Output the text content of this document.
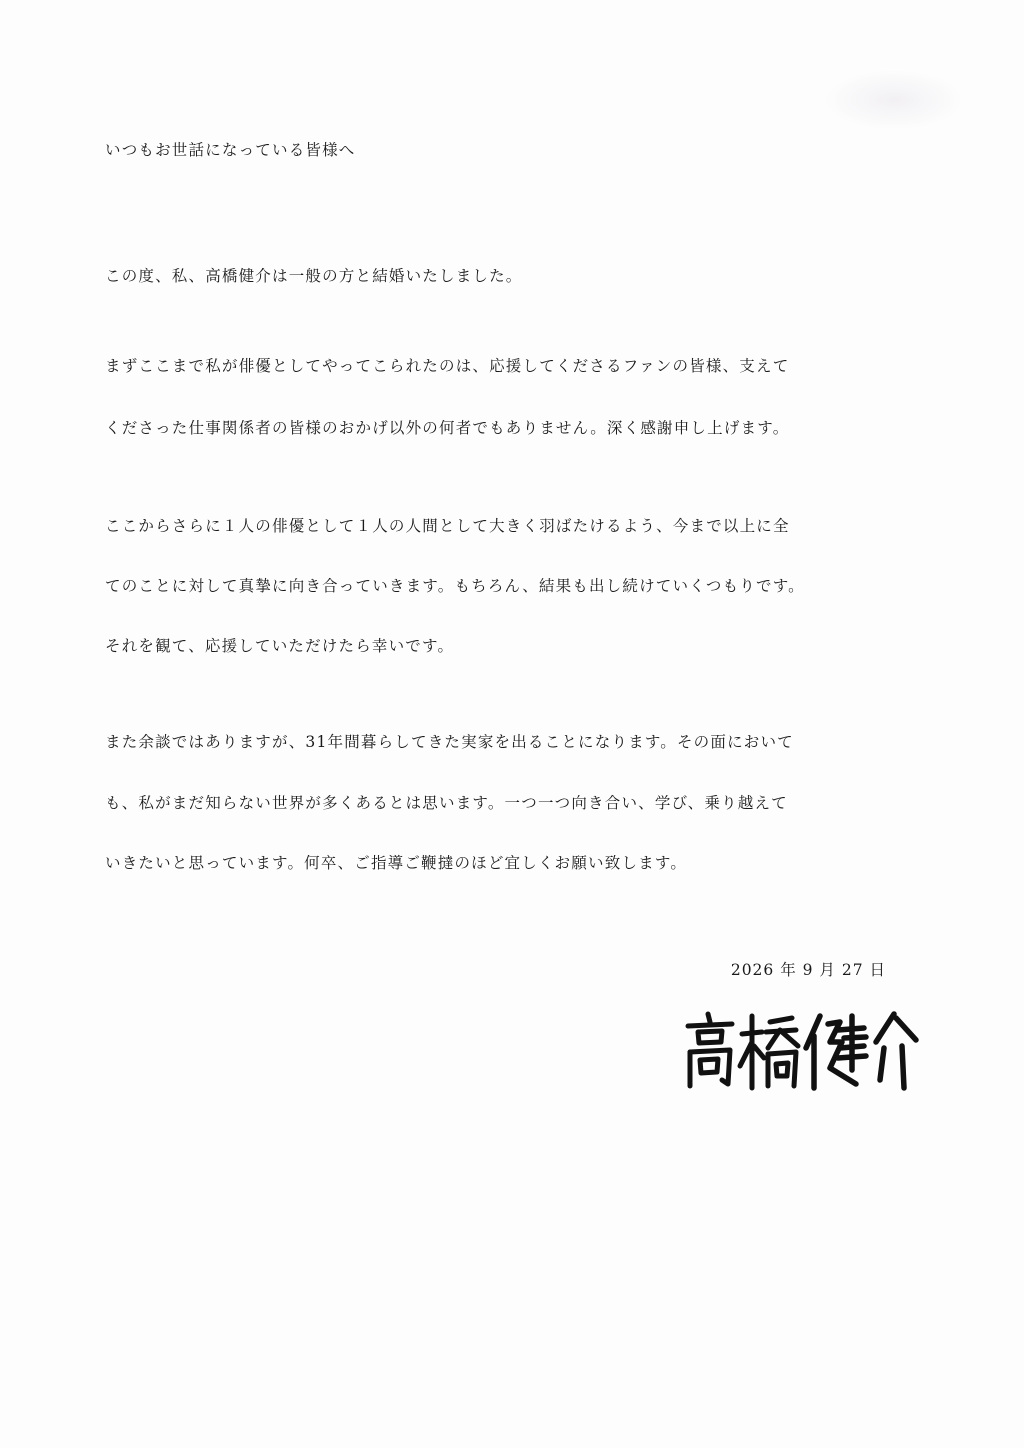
いつもお世話になっている皆様へ
この度、私、高橋健介は一般の方と結婚いたしました。
まずここまで私が俳優としてやってこられたのは、応援してくださるファンの皆様、支えて
くださった仕事関係者の皆様のおかげ以外の何者でもありません。深く感謝申し上げます。
ここからさらに１人の俳優として１人の人間として大きく羽ばたけるよう、今まで以上に全
てのことに対して真摯に向き合っていきます。もちろん、結果も出し続けていくつもりです。
それを観て、応援していただけたら幸いです。
また余談ではありますが、31年間暮らしてきた実家を出ることになります。その面において
も、私がまだ知らない世界が多くあるとは思います。一つ一つ向き合い、学び、乗り越えて
いきたいと思っています。何卒、ご指導ご鞭撻のほど宜しくお願い致します。
2026 年 9 月 27 日
